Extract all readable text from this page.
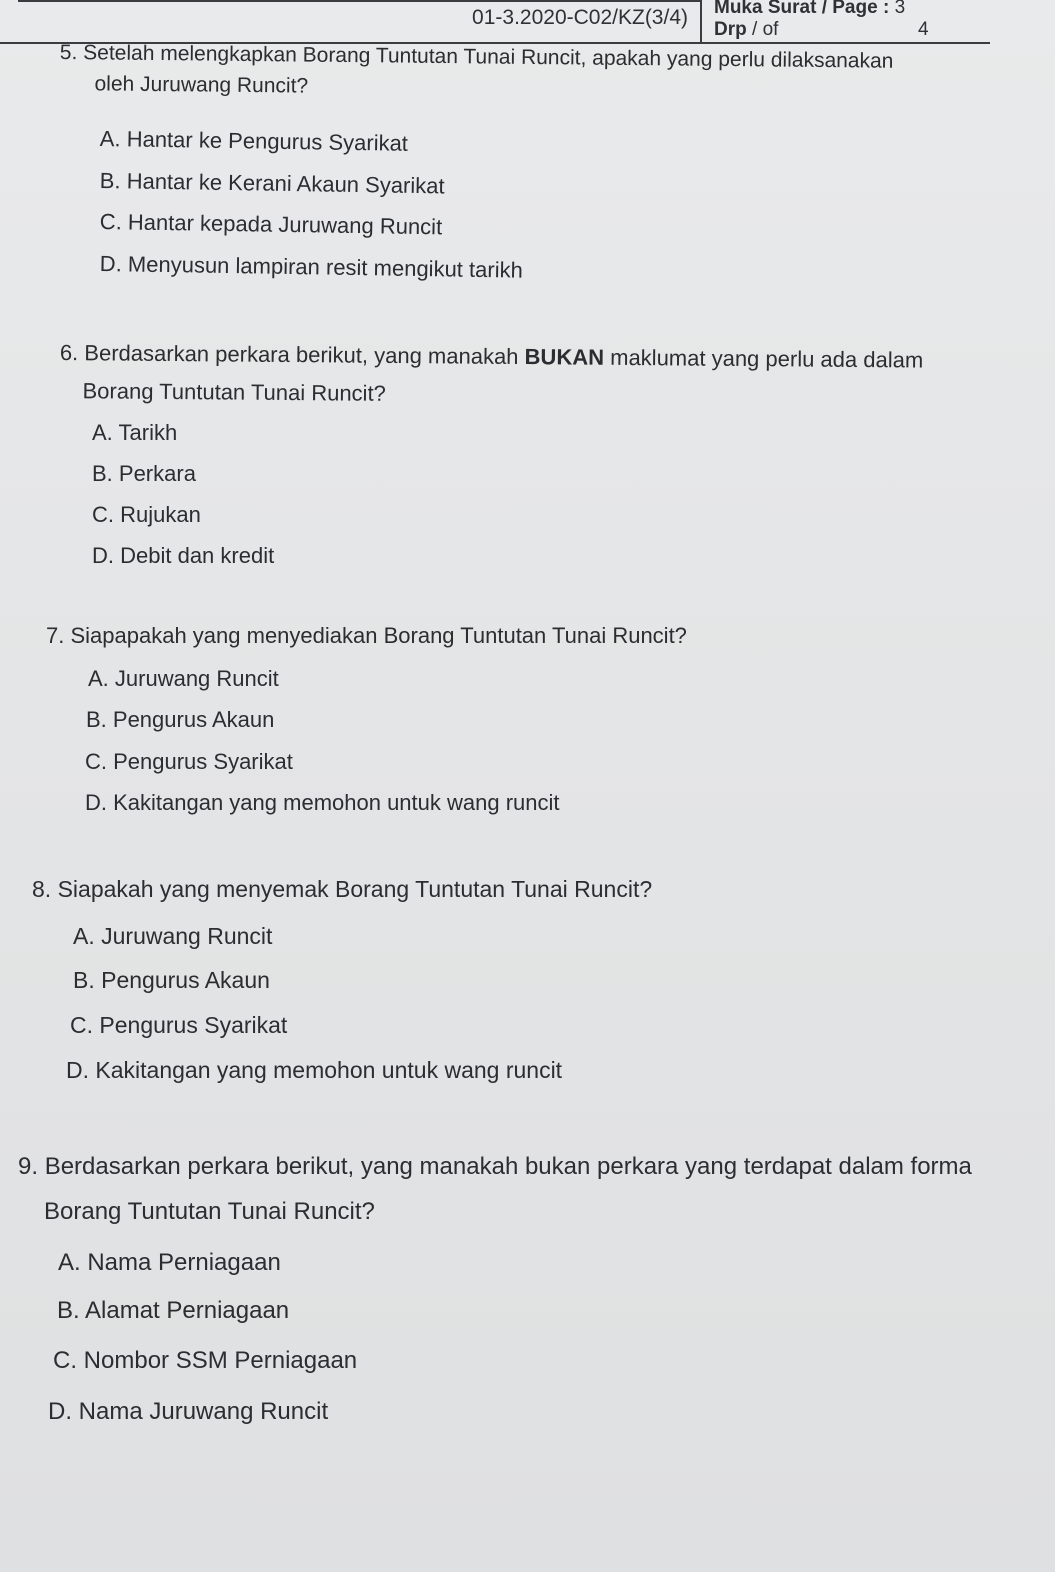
01-3.2020-C02/KZ(3/4) Muka Surat / Page : 3
Drp / of	4
5. Setelah melengkapkan Borang Tuntutan Tunai Runcit, apakah yang perlu dilaksanakan
oleh Juruwang Runcit?
A. Hantar ke Pengurus Syarikat
B. Hantar ke Kerani Akaun Syarikat
C. Hantar kepada Juruwang Runcit
D. Menyusun lampiran resit mengikut tarikh
6. Berdasarkan perkara berikut, yang manakah BUKAN maklumat yang perlu ada dalam
Borang Tuntutan Tunai Runcit?
A. Tarikh
B. Perkara
C. Rujukan
D. Debit dan kredit
7. Siapapakah yang menyediakan Borang Tuntutan Tunai Runcit?
A. Juruwang Runcit
B. Pengurus Akaun
C. Pengurus Syarikat
D. Kakitangan yang memohon untuk wang runcit
8. Siapakah yang menyemak Borang Tuntutan Tunai Runcit?
A. Juruwang Runcit
B. Pengurus Akaun
C. Pengurus Syarikat
D. Kakitangan yang memohon untuk wang runcit
9. Berdasarkan perkara berikut, yang manakah bukan perkara yang terdapat dalam forma
Borang Tuntutan Tunai Runcit?
A. Nama Perniagaan
B. Alamat Perniagaan
C. Nombor SSM Perniagaan
D. Nama Juruwang Runcit
